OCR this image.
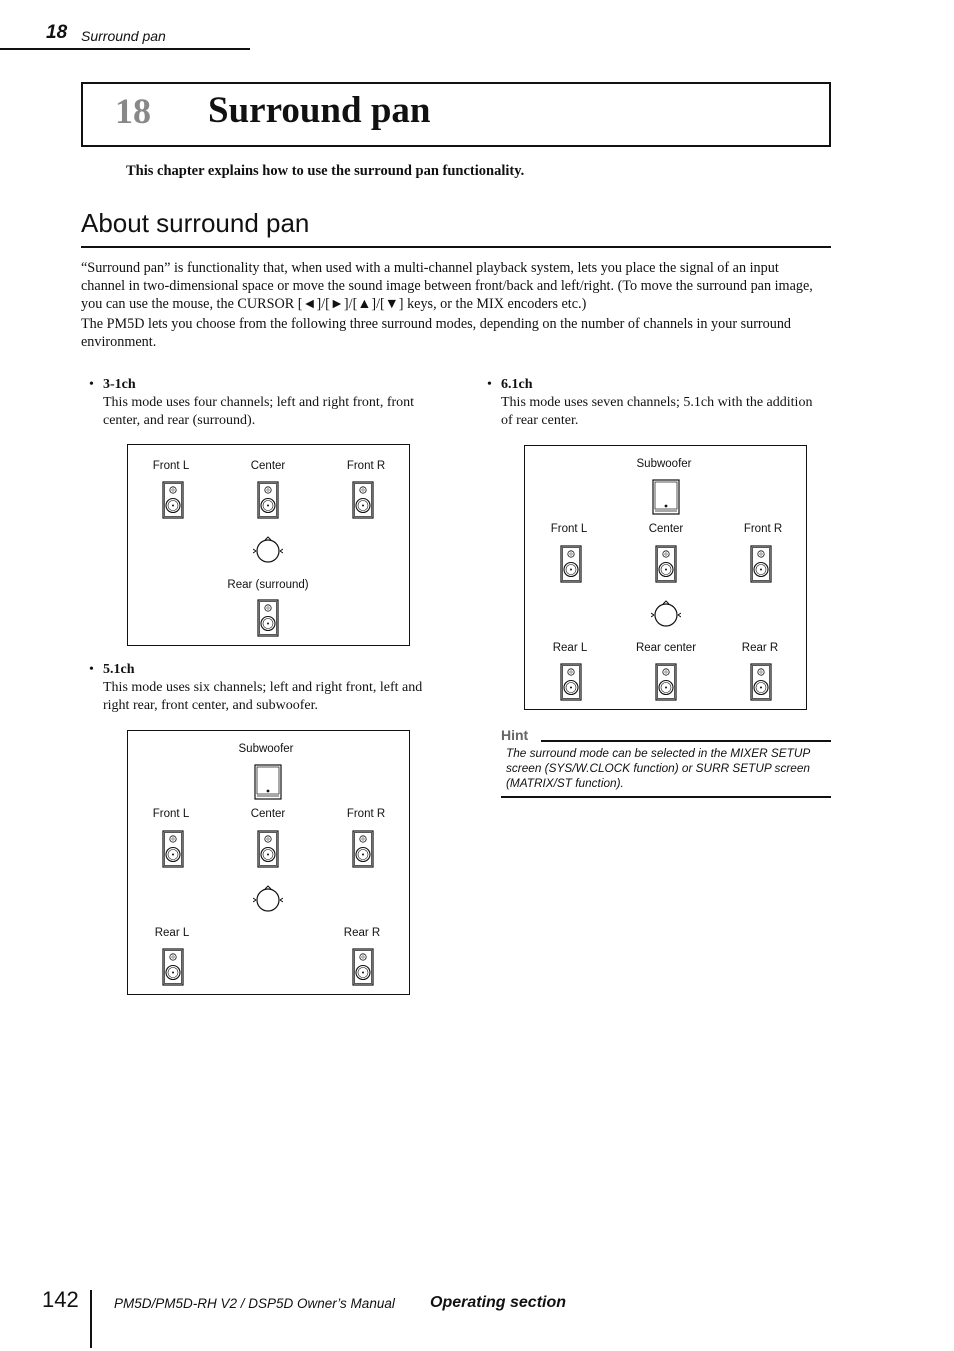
18 Surround pan
18 Surround pan
This chapter explains how to use the surround pan functionality.
About surround pan
“Surround pan” is functionality that, when used with a multi-channel playback system, lets you place the signal of an input channel in two-dimensional space or move the sound image between front/back and left/right. (To move the surround pan image, you can use the mouse, the CURSOR [◄]/[►]/[▲]/[▼] keys, or the MIX encoders etc.)
The PM5D lets you choose from the following three surround modes, depending on the number of channels in your surround environment.
• 3-1ch
This mode uses four channels; left and right front, front center, and rear (surround).
Front L	Center	Front R
Rear (surround)
• 5.1ch
This mode uses six channels; left and right front, left and right rear, front center, and subwoofer.
Subwoofer
Front L	Center	Front R
Rear L	Rear R
• 6.1ch
This mode uses seven channels; 5.1ch with the addition of rear center.
Subwoofer
Front L	Center	Front R
Rear L	Rear center	Rear R
Hint
The surround mode can be selected in the MIXER SETUP screen (SYS/W.CLOCK function) or SURR SETUP screen (MATRIX/ST function).
142	PM5D/PM5D-RH V2 / DSP5D Owner’s Manual Operating section
